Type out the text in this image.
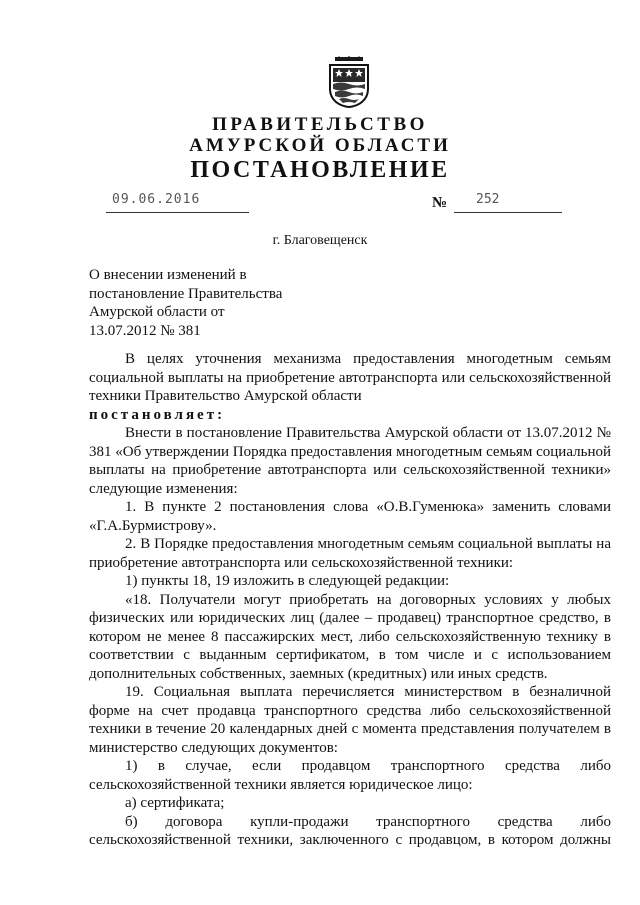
ПРАВИТЕЛЬСТВО
АМУРСКОЙ ОБЛАСТИ
ПОСТАНОВЛЕНИЕ
09.06.2016	№ 252
г. Благовещенск
О внесении изменений в
постановление Правительства
Амурской области от
13.07.2012 № 381

В целях уточнения механизма предоставления многодетным семьям социальной выплаты на приобретение автотранспорта или сельскохозяйственной техники Правительство Амурской области

постановляет:

Внести в постановление Правительства Амурской области от 13.07.2012 № 381 «Об утверждении Порядка предоставления многодетным семьям социальной выплаты на приобретение автотранспорта или сельскохозяйственной техники» следующие изменения:

1. В пункте 2 постановления слова «О.В.Гуменюка» заменить словами «Г.А.Бурмистрову».

2. В Порядке предоставления многодетным семьям социальной выплаты на приобретение автотранспорта или сельскохозяйственной техники:

1) пункты 18, 19 изложить в следующей редакции:

«18. Получатели могут приобретать на договорных условиях у любых физических или юридических лиц (далее – продавец) транспортное средство, в котором не менее 8 пассажирских мест, либо сельскохозяйственную технику в соответствии с выданным сертификатом, в том числе и с использованием дополнительных собственных, заемных (кредитных) или иных средств.

19. Социальная выплата перечисляется министерством в безналичной форме на счет продавца транспортного средства либо сельскохозяйственной техники в течение 20 календарных дней с момента представления получателем в министерство следующих документов:

1) в случае, если продавцом транспортного средства либо сельскохозяйственной техники является юридическое лицо:

а) сертификата;

б) договора купли-продажи транспортного средства либо сельскохозяйственной техники, заключенного с продавцом, в котором должны
